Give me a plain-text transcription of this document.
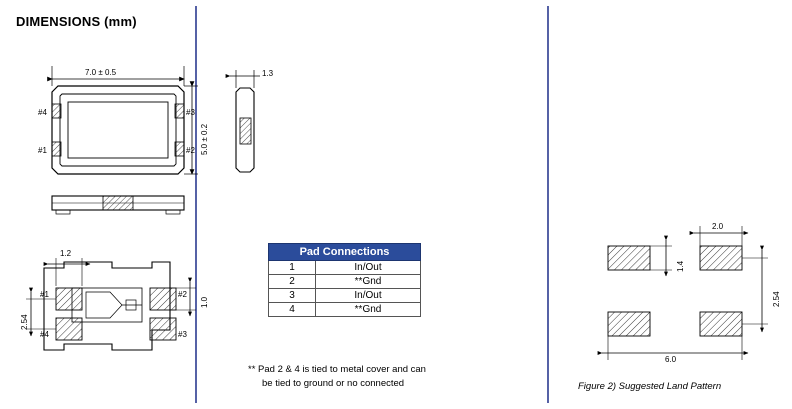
DIMENSIONS (mm)
7.0 ± 0.5
5.0 ± 0.2
#4
#1
#3
#2
1.3
1.2
2.54
1.0
#1	#2
#3
#4
2.0
1.4
2.54
6.0
Pad Connections	
1	In/Out
2	**Gnd
3	In/Out
4	**Gnd
** Pad 2 & 4 is tied to metal cover and can
be tied to ground or no connected	Figure 2) Suggested Land Pattern
